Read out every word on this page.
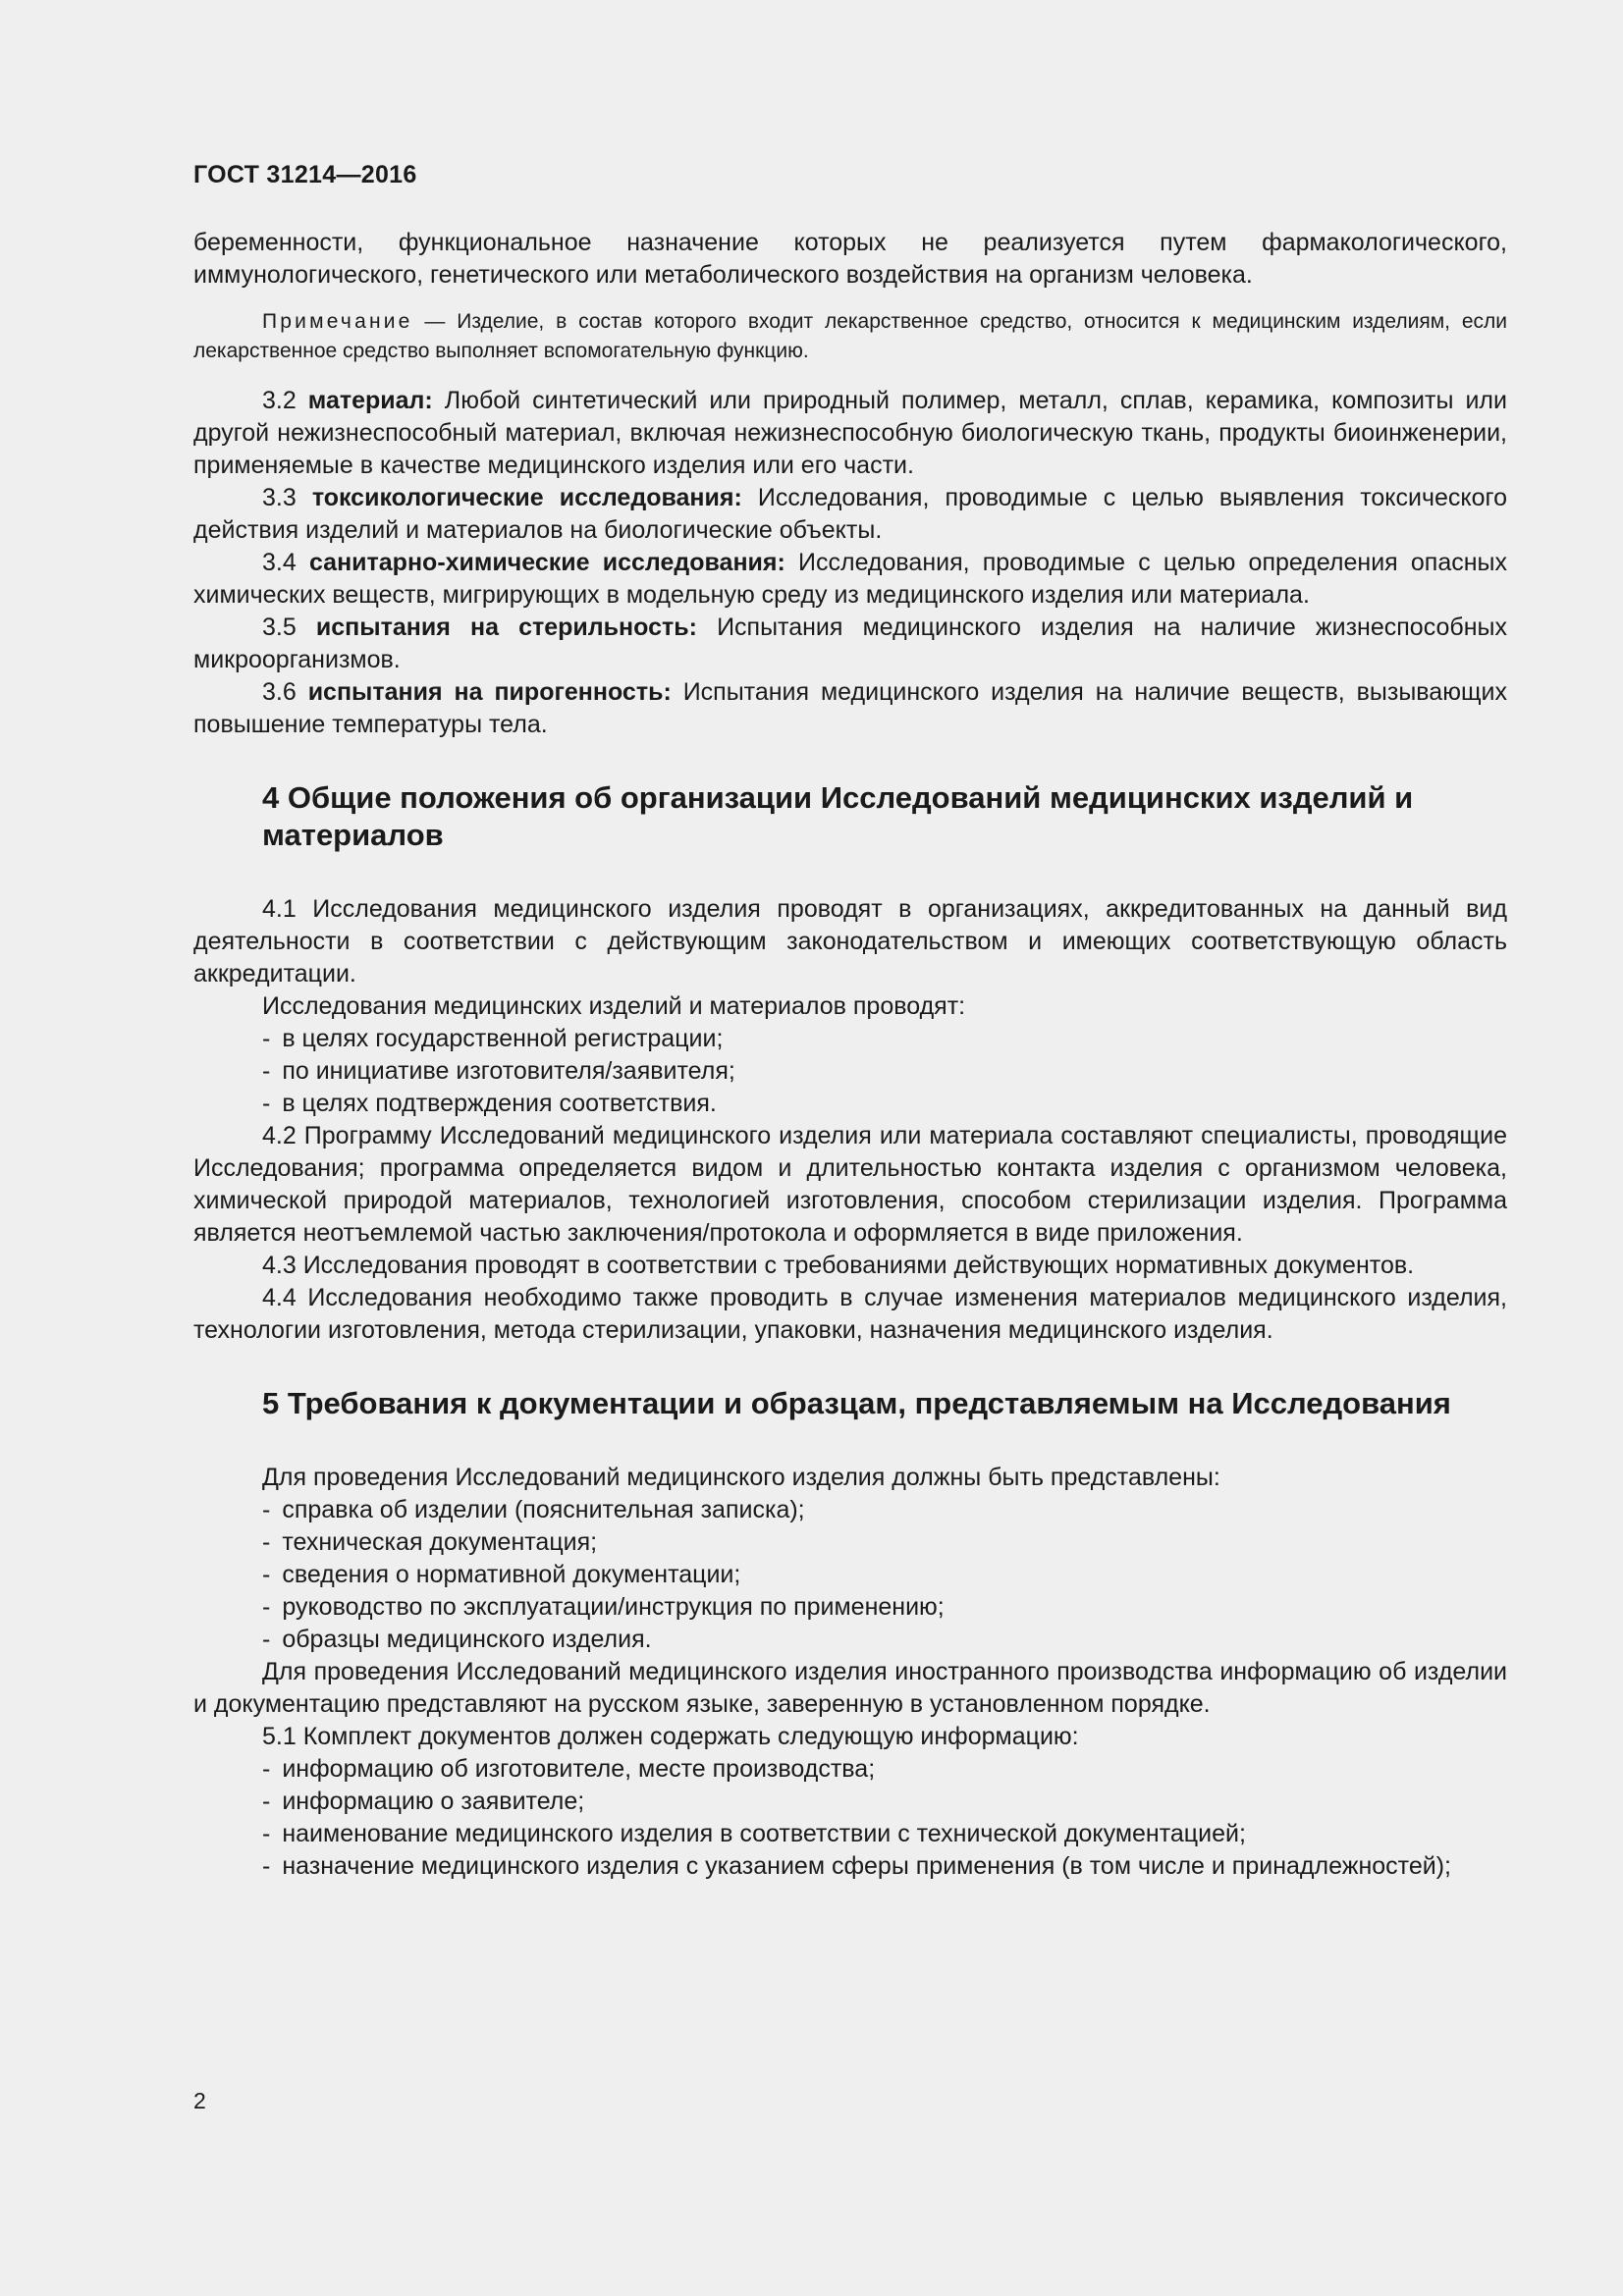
ГОСТ 31214—2016

беременности, функциональное назначение которых не реализуется путем фармакологического, иммунологического, генетического или метаболического воздействия на организм человека.

Примечание — Изделие, в состав которого входит лекарственное средство, относится к медицинским изделиям, если лекарственное средство выполняет вспомогательную функцию.

3.2 материал: Любой синтетический или природный полимер, металл, сплав, керамика, композиты или другой нежизнеспособный материал, включая нежизнеспособную биологическую ткань, продукты биоинженерии, применяемые в качестве медицинского изделия или его части.

3.3 токсикологические исследования: Исследования, проводимые с целью выявления токсического действия изделий и материалов на биологические объекты.

3.4 санитарно-химические исследования: Исследования, проводимые с целью определения опасных химических веществ, мигрирующих в модельную среду из медицинского изделия или материала.

3.5 испытания на стерильность: Испытания медицинского изделия на наличие жизнеспособных микроорганизмов.

3.6 испытания на пирогенность: Испытания медицинского изделия на наличие веществ, вызывающих повышение температуры тела.

4 Общие положения об организации Исследований медицинских изделий и материалов

4.1 Исследования медицинского изделия проводят в организациях, аккредитованных на данный вид деятельности в соответствии с действующим законодательством и имеющих соответствующую область аккредитации.

Исследования медицинских изделий и материалов проводят:

- в целях государственной регистрации;
- по инициативе изготовителя/заявителя;
- в целях подтверждения соответствия.

4.2 Программу Исследований медицинского изделия или материала составляют специалисты, проводящие Исследования; программа определяется видом и длительностью контакта изделия с организмом человека, химической природой материалов, технологией изготовления, способом стерилизации изделия. Программа является неотъемлемой частью заключения/протокола и оформляется в виде приложения.

4.3 Исследования проводят в соответствии с требованиями действующих нормативных документов.

4.4 Исследования необходимо также проводить в случае изменения материалов медицинского изделия, технологии изготовления, метода стерилизации, упаковки, назначения медицинского изделия.

5 Требования к документации и образцам, представляемым на Исследования

Для проведения Исследований медицинского изделия должны быть представлены:

- справка об изделии (пояснительная записка);
- техническая документация;
- сведения о нормативной документации;
- руководство по эксплуатации/инструкция по применению;
- образцы медицинского изделия.

Для проведения Исследований медицинского изделия иностранного производства информацию об изделии и документацию представляют на русском языке, заверенную в установленном порядке.

5.1 Комплект документов должен содержать следующую информацию:

- информацию об изготовителе, месте производства;
- информацию о заявителе;
- наименование медицинского изделия в соответствии с технической документацией;
- назначение медицинского изделия с указанием сферы применения (в том числе и принадлежностей);
2
